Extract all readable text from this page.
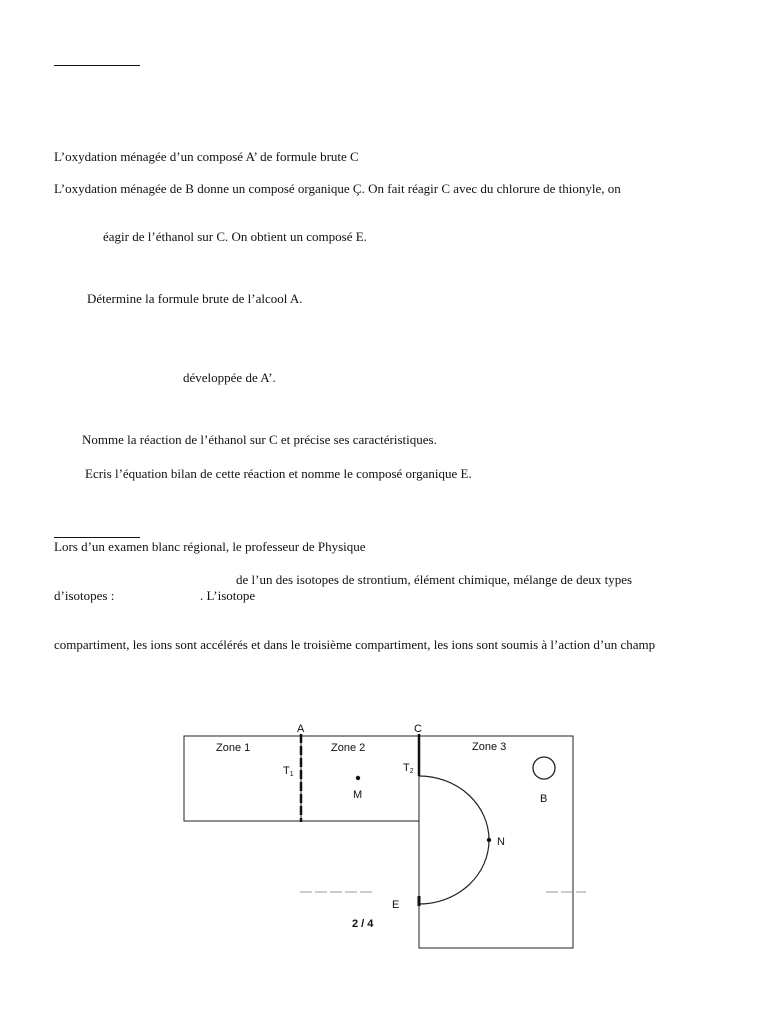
L’oxydation ménagée d’un composé A’ de formule brute C
L’oxydation ménagée de B donne un composé organique Ç. On fait réagir C avec du chlorure de thionyle, on
éagir de l’éthanol sur C. On obtient un composé E.
Détermine la formule brute de l’alcool A.
développée de A’.
Nomme la réaction de l’éthanol sur C et précise ses caractéristiques.
Ecris l’équation bilan de cette réaction et nomme le composé organique E.
Lors d’un examen blanc régional, le professeur de Physique
de l’un des isotopes de strontium, élément chimique, mélange de deux types
d’isotopes :	. L’isotope
compartiment, les ions sont accélérés et dans le troisième compartiment, les ions sont soumis à l’action d’un champ
A	C
Zone 1	Zone 2	Zone 3
T1
T2
M	B
N
E
2 / 4
